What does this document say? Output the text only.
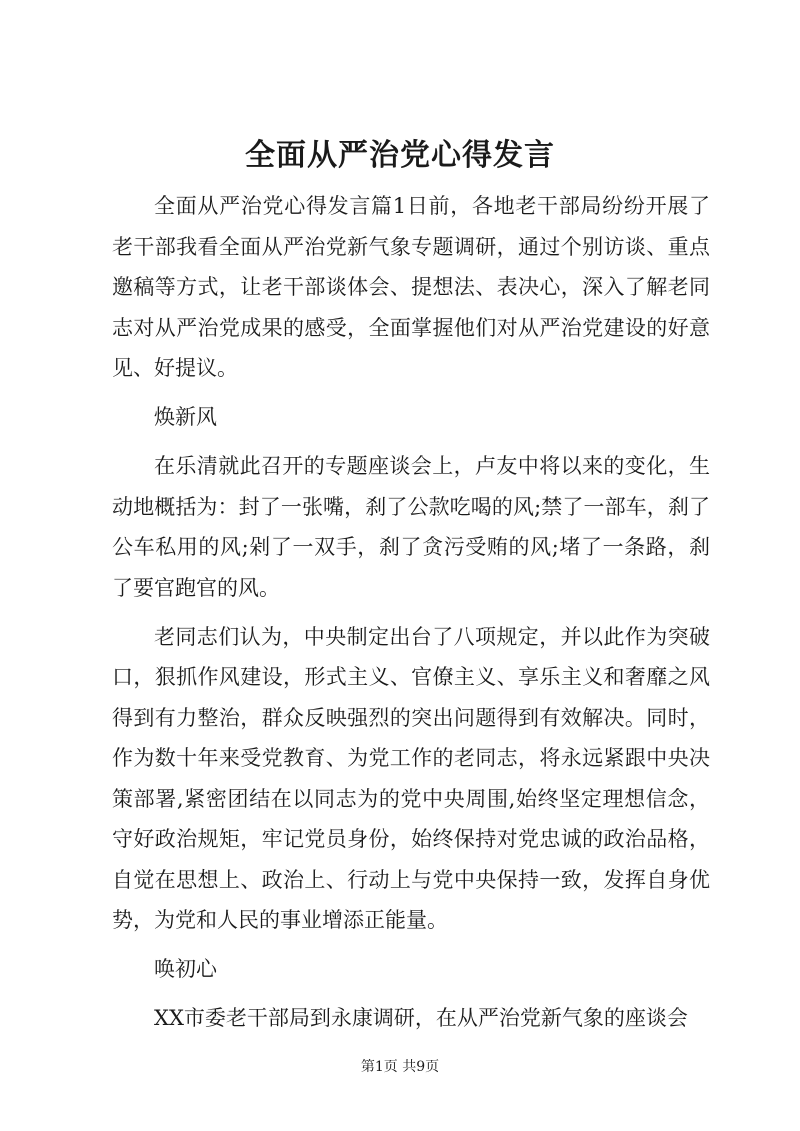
全面从严治党心得发言

全面从严治党心得发言篇1日前，各地老干部局纷纷开展了老干部我看全面从严治党新气象专题调研，通过个别访谈、重点邀稿等方式，让老干部谈体会、提想法、表决心，深入了解老同志对从严治党成果的感受，全面掌握他们对从严治党建设的好意见、好提议。

焕新风

在乐清就此召开的专题座谈会上，卢友中将以来的变化，生动地概括为：封了一张嘴，刹了公款吃喝的风;禁了一部车，刹了公车私用的风;剁了一双手，刹了贪污受贿的风;堵了一条路，刹了要官跑官的风。

老同志们认为，中央制定出台了八项规定，并以此作为突破口，狠抓作风建设，形式主义、官僚主义、享乐主义和奢靡之风得到有力整治，群众反映强烈的突出问题得到有效解决。同时，作为数十年来受党教育、为党工作的老同志，将永远紧跟中央决策部署,紧密团结在以同志为的党中央周围,始终坚定理想信念，守好政治规矩，牢记党员身份，始终保持对党忠诚的政治品格，自觉在思想上、政治上、行动上与党中央保持一致，发挥自身优势，为党和人民的事业增添正能量。

唤初心

XX市委老干部局到永康调研，在从严治党新气象的座谈会

第1页 共9页
